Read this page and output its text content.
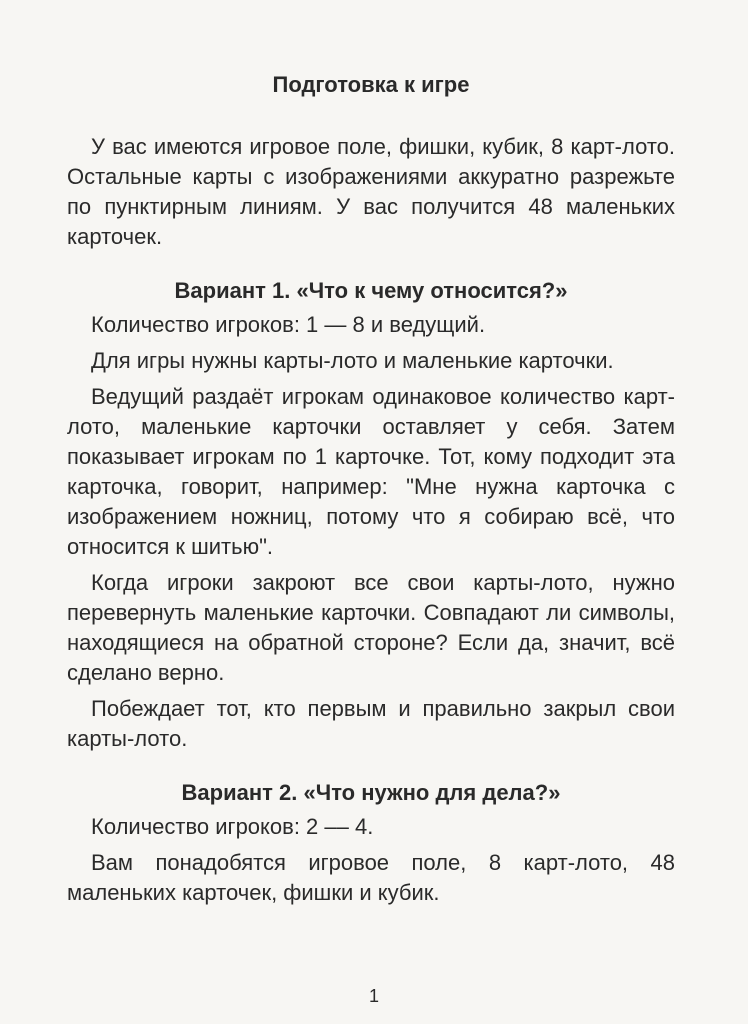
Подготовка к игре

У вас имеются игровое поле, фишки, кубик, 8 карт-лото. Остальные карты с изображениями аккуратно разрежьте по пунктирным линиям. У вас получится 48 маленьких карточек.

Вариант 1. «Что к чему относится?»

Количество игроков: 1 — 8 и ведущий.

Для игры нужны карты-лото и маленькие карточки.

Ведущий раздаёт игрокам одинаковое количество карт-лото, маленькие карточки оставляет у себя. Затем показывает игрокам по 1 карточке. Тот, кому подходит эта карточка, говорит, например: "Мне нужна карточка с изображением ножниц, потому что я собираю всё, что относится к шитью".

Когда игроки закроют все свои карты-лото, нужно перевернуть маленькие карточки. Совпадают ли символы, находящиеся на обратной стороне? Если да, значит, всё сделано верно.

Побеждает тот, кто первым и правильно закрыл свои карты-лото.

Вариант 2. «Что нужно для дела?»

Количество игроков: 2 –– 4.

Вам понадобятся игровое поле, 8 карт-лото, 48 маленьких карточек, фишки и кубик.

1
